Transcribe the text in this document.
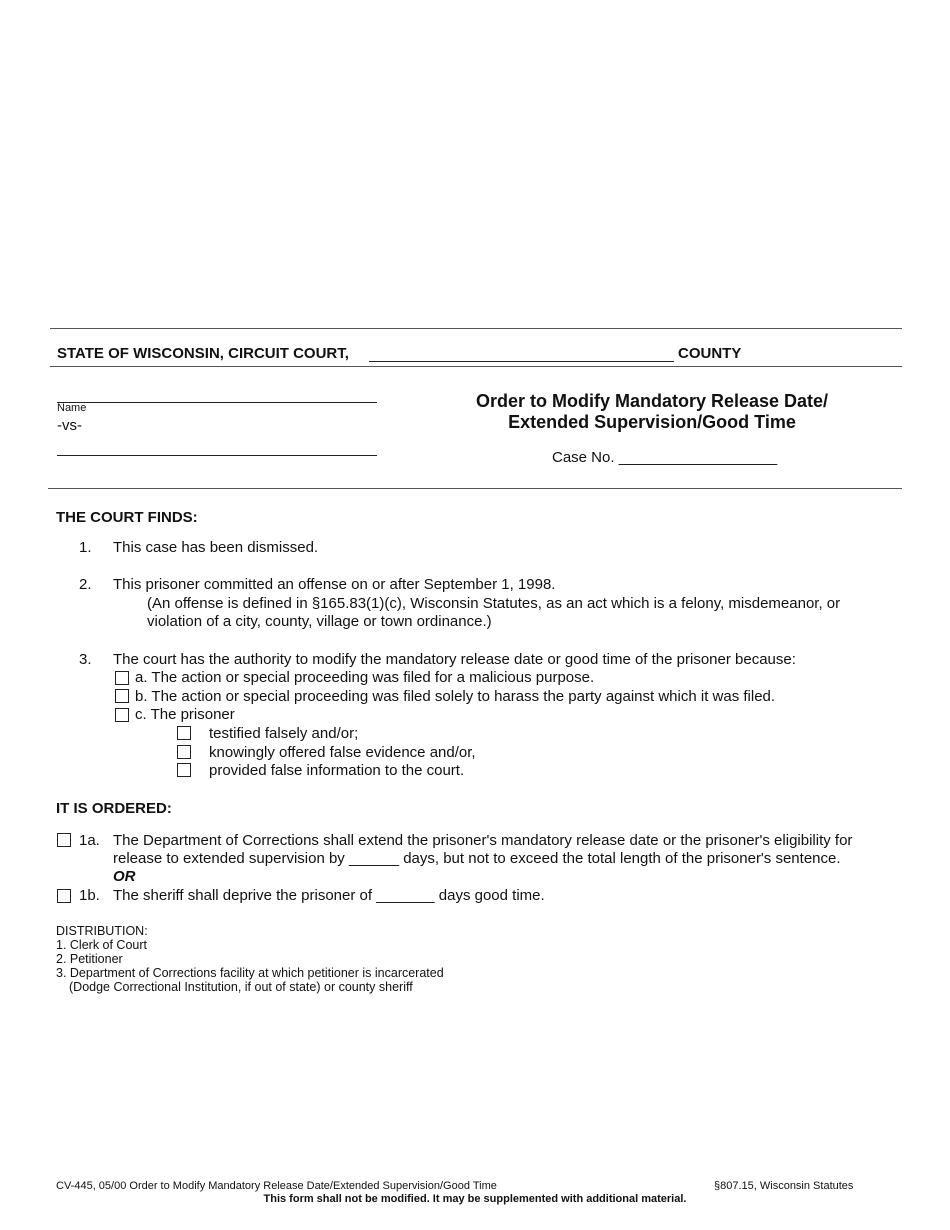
STATE OF WISCONSIN, CIRCUIT COURT,	COUNTY
Name
-vs-
Order to Modify Mandatory Release Date/
Extended Supervision/Good Time
Case No. ___________________
THE COURT FINDS:
1. This case has been dismissed.
2. This prisoner committed an offense on or after September 1, 1998.
(An offense is defined in §165.83(1)(c), Wisconsin Statutes, as an act which is a felony, misdemeanor, or
violation of a city, county, village or town ordinance.)
3. The court has the authority to modify the mandatory release date or good time of the prisoner because:
a. The action or special proceeding was filed for a malicious purpose.
b. The action or special proceeding was filed solely to harass the party against which it was filed.
c. The prisoner
testified falsely and/or;
knowingly offered false evidence and/or,
provided false information to the court.
IT IS ORDERED:
1a. The Department of Corrections shall extend the prisoner's mandatory release date or the prisoner's eligibility for
release to extended supervision by ______ days, but not to exceed the total length of the prisoner's sentence.
OR
1b. The sheriff shall deprive the prisoner of _______ days good time.
DISTRIBUTION:
1. Clerk of Court
2. Petitioner
3. Department of Corrections facility at which petitioner is incarcerated
(Dodge Correctional Institution, if out of state) or county sheriff
CV-445, 05/00 Order to Modify Mandatory Release Date/Extended Supervision/Good Time	§807.15, Wisconsin Statutes
This form shall not be modified. It may be supplemented with additional material.
